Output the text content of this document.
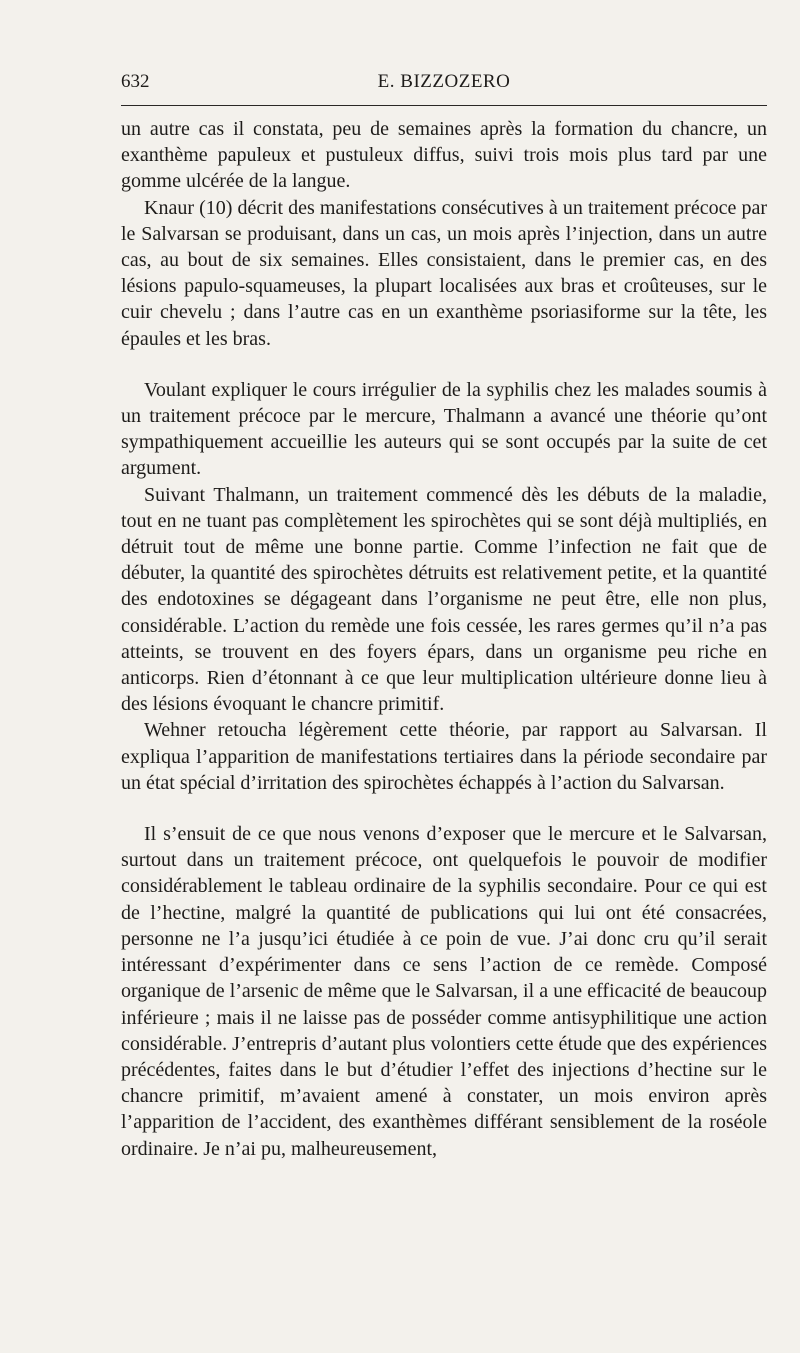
632	E. BIZZOZERO

un autre cas il constata, peu de semaines après la formation du chancre, un exanthème papuleux et pustuleux diffus, suivi trois mois plus tard par une gomme ulcérée de la langue.

Knaur (10) décrit des manifestations consécutives à un traitement précoce par le Salvarsan se produisant, dans un cas, un mois après l’injection, dans un autre cas, au bout de six semaines. Elles consistaient, dans le premier cas, en des lésions papulo-squameuses, la plupart localisées aux bras et croûteuses, sur le cuir chevelu ; dans l’autre cas en un exanthème psoriasiforme sur la tête, les épaules et les bras.

Voulant expliquer le cours irrégulier de la syphilis chez les malades soumis à un traitement précoce par le mercure, Thalmann a avancé une théorie qu’ont sympathiquement accueillie les auteurs qui se sont occupés par la suite de cet argument.

Suivant Thalmann, un traitement commencé dès les débuts de la maladie, tout en ne tuant pas complètement les spirochètes qui se sont déjà multipliés, en détruit tout de même une bonne partie. Comme l’infection ne fait que de débuter, la quantité des spirochètes détruits est relativement petite, et la quantité des endotoxines se dégageant dans l’organisme ne peut être, elle non plus, considérable. L’action du remède une fois cessée, les rares germes qu’il n’a pas atteints, se trouvent en des foyers épars, dans un organisme peu riche en anticorps. Rien d’étonnant à ce que leur multiplication ultérieure donne lieu à des lésions évoquant le chancre primitif.

Wehner retoucha légèrement cette théorie, par rapport au Salvarsan. Il expliqua l’apparition de manifestations tertiaires dans la période secondaire par un état spécial d’irritation des spirochètes échappés à l’action du Salvarsan.

Il s’ensuit de ce que nous venons d’exposer que le mercure et le Salvarsan, surtout dans un traitement précoce, ont quelquefois le pouvoir de modifier considérablement le tableau ordinaire de la syphilis secondaire. Pour ce qui est de l’hectine, malgré la quantité de publications qui lui ont été consacrées, personne ne l’a jusqu’ici étudiée à ce poin de vue. J’ai donc cru qu’il serait intéressant d’expérimenter dans ce sens l’action de ce remède. Composé organique de l’arsenic de même que le Salvarsan, il a une efficacité de beaucoup inférieure ; mais il ne laisse pas de posséder comme antisyphilitique une action considérable. J’entrepris d’autant plus volontiers cette étude que des expériences précédentes, faites dans le but d’étudier l’effet des injections d’hectine sur le chancre primitif, m’avaient amené à constater, un mois environ après l’apparition de l’accident, des exanthèmes différant sensiblement de la roséole ordinaire. Je n’ai pu, malheureusement,
